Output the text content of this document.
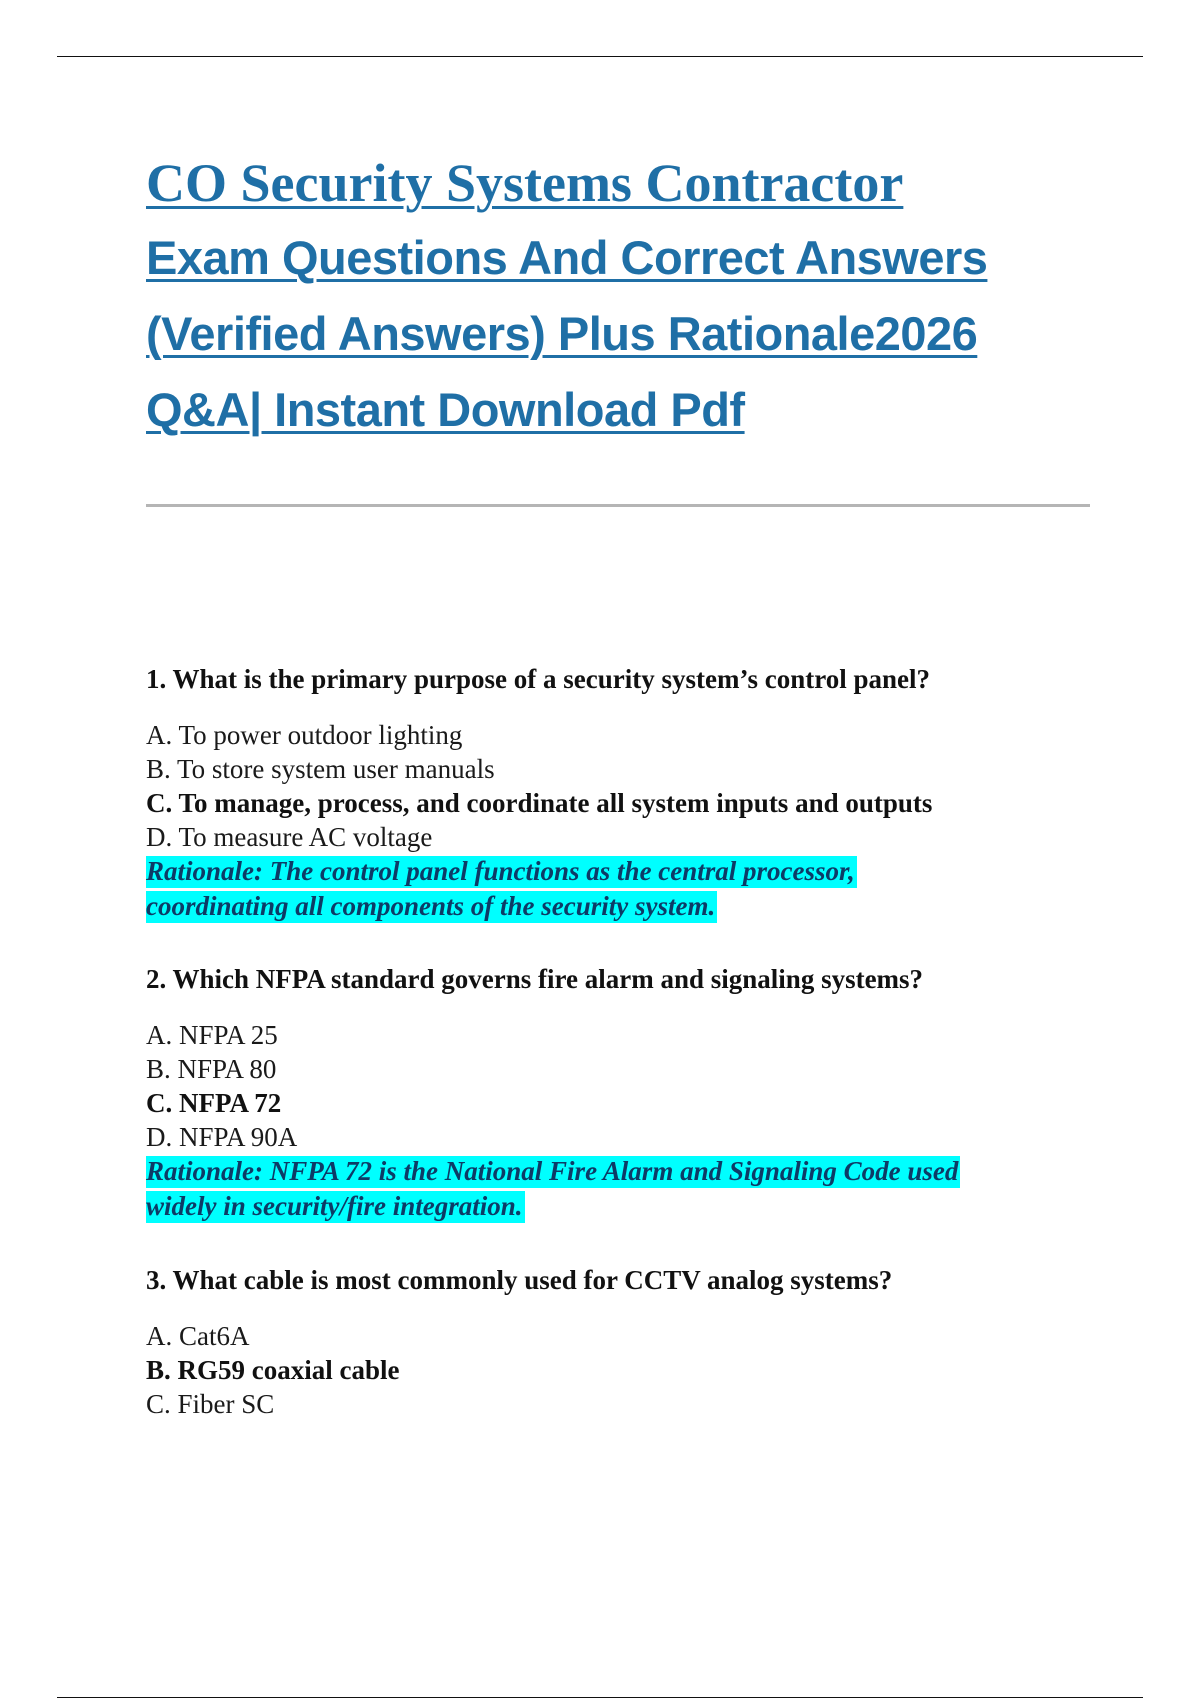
CO Security Systems Contractor
Exam Questions And Correct Answers
(Verified Answers) Plus Rationale2026
Q&A| Instant Download Pdf
1. What is the primary purpose of a security system’s control panel?
A. To power outdoor lighting
B. To store system user manuals
C. To manage, process, and coordinate all system inputs and outputs
D. To measure AC voltage
Rationale: The control panel functions as the central processor,
coordinating all components of the security system.
2. Which NFPA standard governs fire alarm and signaling systems?
A. NFPA 25
B. NFPA 80
C. NFPA 72
D. NFPA 90A
Rationale: NFPA 72 is the National Fire Alarm and Signaling Code used
widely in security/fire integration.
3. What cable is most commonly used for CCTV analog systems?
A. Cat6A
B. RG59 coaxial cable
C. Fiber SC
